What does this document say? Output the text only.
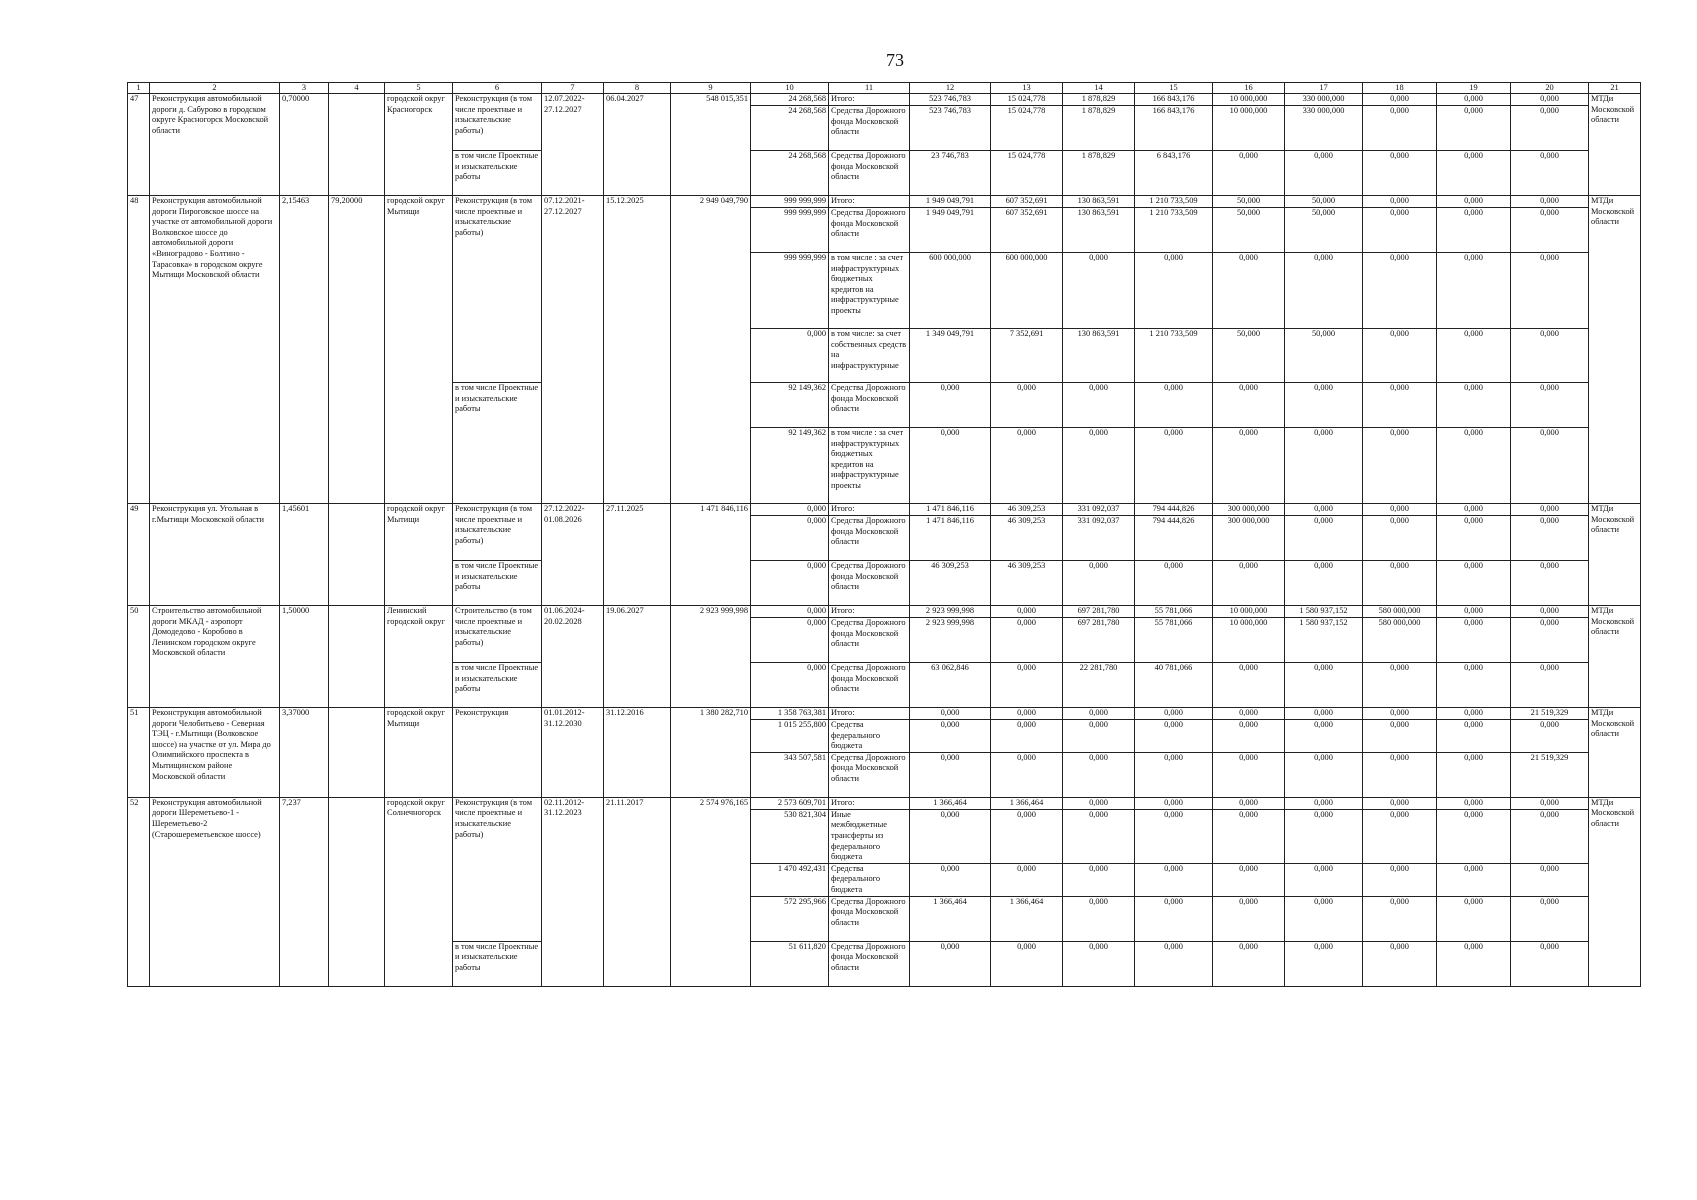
73
1	2	3	4	5	6	7	8	9	10	11	12	13	14	15	16	17	18	19	20	21
47	Реконструкция автомобильной дороги д. Сабурово в городском округе Красногорск Московской области	0,70000		городской округ Красногорск	Реконструкция (в том числе проектные и изыскательские работы)	12.07.2022-27.12.2027	06.04.2027	548 015,351	24 268,568	Итого:	523 746,783	15 024,778	1 878,829	166 843,176	10 000,000	330 000,000	0,000	0,000	0,000	МТДи Московской области
									24 268,568	Средства Дорожного фонда Московской области	523 746,783	15 024,778	1 878,829	166 843,176	10 000,000	330 000,000	0,000	0,000	0,000	
					в том числе Проектные и изыскательские работы				24 268,568	Средства Дорожного фонда Московской области	23 746,783	15 024,778	1 878,829	6 843,176	0,000	0,000	0,000	0,000	0,000	
48	Реконструкция автомобильной дороги Пироговское шоссе на участке от автомобильной дороги Волковское шоссе до автомобильной дороги «Виноградово - Болтино - Тарасовка» в городском округе Мытищи Московской области	2,15463	79,20000	городской округ Мытищи	Реконструкция (в том числе проектные и изыскательские работы)	07.12.2021-27.12.2027	15.12.2025	2 949 049,790	999 999,999	Итого:	1 949 049,791	607 352,691	130 863,591	1 210 733,509	50,000	50,000	0,000	0,000	0,000	МТДи Московской области
									999 999,999	Средства Дорожного фонда Московской области	1 949 049,791	607 352,691	130 863,591	1 210 733,509	50,000	50,000	0,000	0,000	0,000	
									999 999,999	в том числе : за счет инфраструктурных бюджетных кредитов на инфраструктурные проекты	600 000,000	600 000,000	0,000	0,000	0,000	0,000	0,000	0,000	0,000	
									0,000	в том числе: за счет собственных средств на инфраструктурные	1 349 049,791	7 352,691	130 863,591	1 210 733,509	50,000	50,000	0,000	0,000	0,000	
					в том числе Проектные и изыскательские работы				92 149,362	Средства Дорожного фонда Московской области	0,000	0,000	0,000	0,000	0,000	0,000	0,000	0,000	0,000	
									92 149,362	в том числе : за счет инфраструктурных бюджетных кредитов на инфраструктурные проекты	0,000	0,000	0,000	0,000	0,000	0,000	0,000	0,000	0,000	
49	Реконструкция ул. Угольная в г.Мытищи Московской области	1,45601		городской округ Мытищи	Реконструкция (в том числе проектные и изыскательские работы)	27.12.2022-01.08.2026	27.11.2025	1 471 846,116	0,000	Итого:	1 471 846,116	46 309,253	331 092,037	794 444,826	300 000,000	0,000	0,000	0,000	0,000	МТДи Московской области
									0,000	Средства Дорожного фонда Московской области	1 471 846,116	46 309,253	331 092,037	794 444,826	300 000,000	0,000	0,000	0,000	0,000	
					в том числе Проектные и изыскательские работы				0,000	Средства Дорожного фонда Московской области	46 309,253	46 309,253	0,000	0,000	0,000	0,000	0,000	0,000	0,000	
50	Строительство автомобильной дороги МКАД - аэропорт Домодедово - Коробово в Ленинском городском округе Московской области	1,50000		Ленинский городской округ	Строительство (в том числе проектные и изыскательские работы)	01.06.2024-20.02.2028	19.06.2027	2 923 999,998	0,000	Итого:	2 923 999,998	0,000	697 281,780	55 781,066	10 000,000	1 580 937,152	580 000,000	0,000	0,000	МТДи Московской области
									0,000	Средства Дорожного фонда Московской области	2 923 999,998	0,000	697 281,780	55 781,066	10 000,000	1 580 937,152	580 000,000	0,000	0,000	
					в том числе Проектные и изыскательские работы				0,000	Средства Дорожного фонда Московской области	63 062,846	0,000	22 281,780	40 781,066	0,000	0,000	0,000	0,000	0,000	
51	Реконструкция автомобильной дороги Челобитьево - Северная ТЭЦ - г.Мытищи (Волковское шоссе) на участке от ул. Мира до Олимпийского проспекта в Мытищинском районе Московской области	3,37000		городской округ Мытищи	Реконструкция	01.01.2012-31.12.2030	31.12.2016	1 380 282,710	1 358 763,381	Итого:	0,000	0,000	0,000	0,000	0,000	0,000	0,000	0,000	21 519,329	МТДи Московской области
									1 015 255,800	Средства федерального бюджета	0,000	0,000	0,000	0,000	0,000	0,000	0,000	0,000	0,000	
									343 507,581	Средства Дорожного фонда Московской области	0,000	0,000	0,000	0,000	0,000	0,000	0,000	0,000	21 519,329	
52	Реконструкция автомобильной дороги Шереметьево-1 - Шереметьево-2 (Старошереметьевское шоссе)	7,237		городской округ Солнечногорск	Реконструкция (в том числе проектные и изыскательские работы)	02.11.2012-31.12.2023	21.11.2017	2 574 976,165	2 573 609,701	Итого:	1 366,464	1 366,464	0,000	0,000	0,000	0,000	0,000	0,000	0,000	МТДи Московской области
									530 821,304	Иные межбюджетные трансферты из федерального бюджета	0,000	0,000	0,000	0,000	0,000	0,000	0,000	0,000	0,000	
									1 470 492,431	Средства федерального бюджета	0,000	0,000	0,000	0,000	0,000	0,000	0,000	0,000	0,000	
									572 295,966	Средства Дорожного фонда Московской области	1 366,464	1 366,464	0,000	0,000	0,000	0,000	0,000	0,000	0,000	
					в том числе Проектные и изыскательские работы				51 611,820	Средства Дорожного фонда Московской области	0,000	0,000	0,000	0,000	0,000	0,000	0,000	0,000	0,000	
